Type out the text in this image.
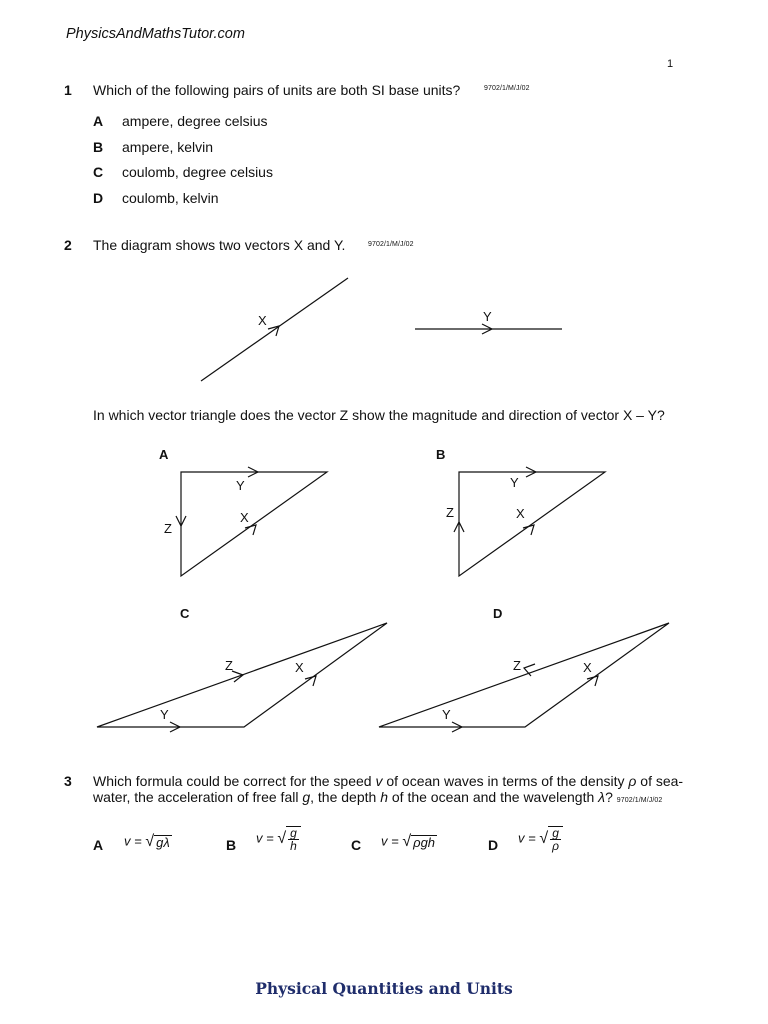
PhysicsAndMathsTutor.com
1
1 Which of the following pairs of units are both SI base units?	9702/1/M/J/02
A ampere, degree celsius
B ampere, kelvin
C coulomb, degree celsius
D coulomb, kelvin
2 The diagram shows two vectors X and Y.	9702/1/M/J/02
X	Y
In which vector triangle does the vector Z show the magnitude and direction of vector X – Y?
A	B
C	D
Y
Z
X
Y
Z	X
Y
Z	X
Y
Z	X
3 Which formula could be correct for the speed v of ocean waves in terms of the density ρ of sea-water, the acceleration of free fall g, the depth h of the ocean and the wavelength λ? 9702/1/M/J/02
A v = √ gλ	B v = √ $\frac{g}{h}$	C v = √ ρgh	D v = √ $\frac{g}{\rho}$
Physical Quantities and Units
